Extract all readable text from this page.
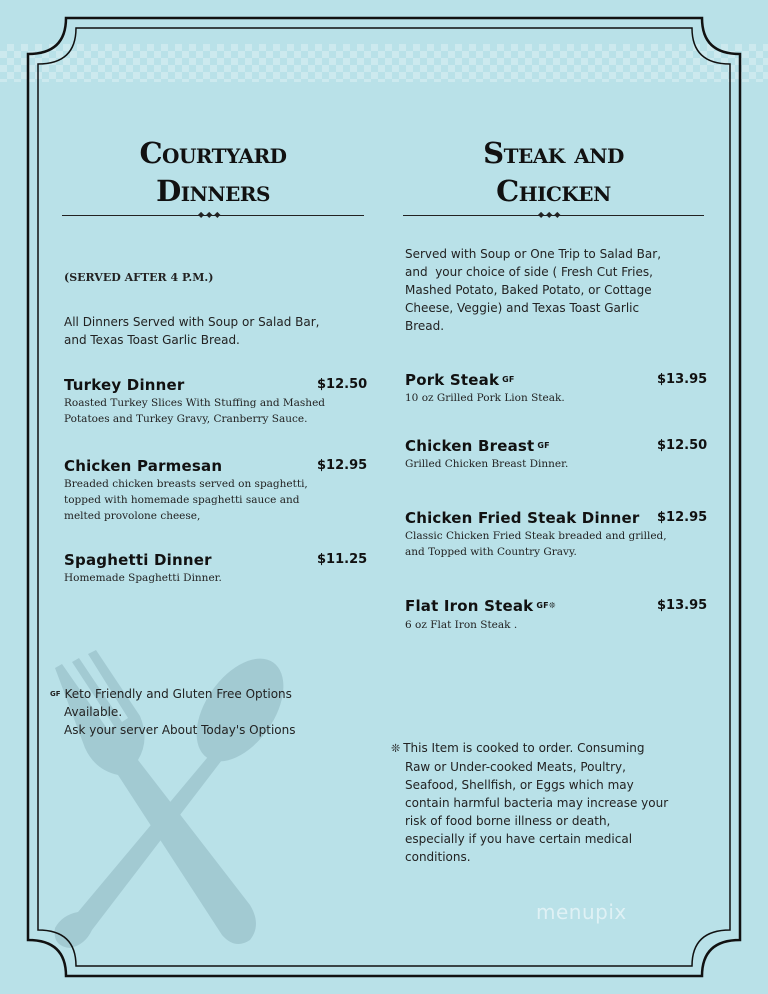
Courtyard
Dinners
◆◆◆
(SERVED AFTER 4 P.M.)
All Dinners Served with Soup or Salad Bar, and Texas Toast Garlic Bread.
Turkey Dinner	$12.50
Roasted Turkey Slices With Stuffing and Mashed
Potatoes and Turkey Gravy, Cranberry Sauce.
Chicken Parmesan	$12.95
Breaded chicken breasts served on spaghetti,
topped with homemade spaghetti sauce and
melted provolone cheese,
Spaghetti Dinner	$11.25
Homemade Spaghetti Dinner.
GF Keto Friendly and Gluten Free Options
Available.
Ask your server About Today's Options
Steak and
Chicken
◆◆◆
Served with Soup or One Trip to Salad Bar,
and  your choice of side ( Fresh Cut Fries,
Mashed Potato, Baked Potato, or Cottage
Cheese, Veggie) and Texas Toast Garlic
Bread.
Pork Steak $^{GF}$	$13.95
10 oz Grilled Pork Lion Steak.
Chicken Breast $^{GF}$	$12.50
Grilled Chicken Breast Dinner.
Chicken Fried Steak Dinner $12.95
Classic Chicken Fried Steak breaded and grilled,
and Topped with Country Gravy.
Flat Iron Steak $^{GF❊}$	$13.95
6 oz Flat Iron Steak .
❊ This Item is cooked to order. Consuming
Raw or Under-cooked Meats, Poultry,
Seafood, Shellfish, or Eggs which may
contain harmful bacteria may increase your
risk of food borne illness or death,
especially if you have certain medical
conditions.
menupix
